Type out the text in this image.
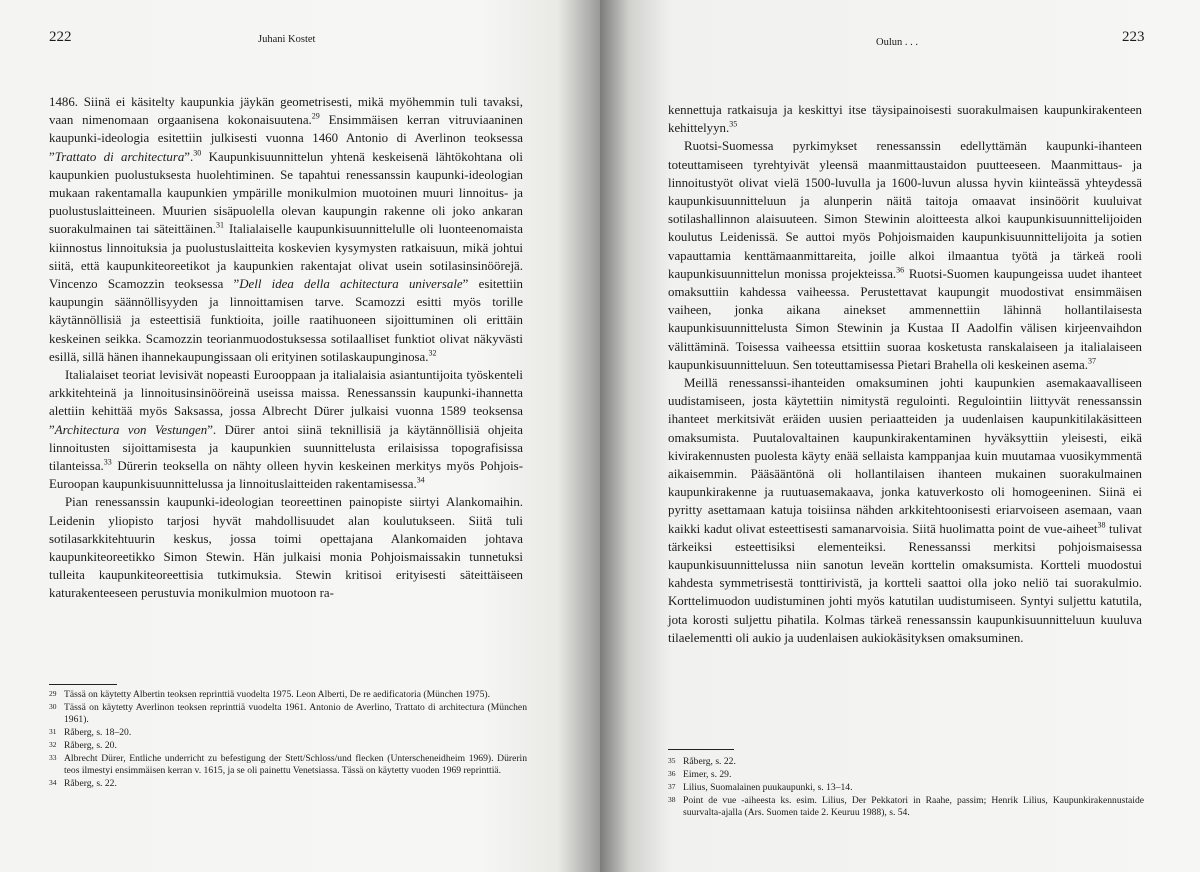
222	Juhani Kostet

1486. Siinä ei käsitelty kaupunkia jäykän geometrisesti, mikä myöhemmin tuli tavaksi, vaan nimenomaan orgaanisena kokonaisuutena.$^{29}$ Ensimmäisen kerran vitruviaaninen kaupunki-ideologia esitettiin julkisesti vuonna 1460 Antonio di Averlinon teoksessa ”Trattato di architectura”.$^{30}$ Kaupunkisuunnittelun yhtenä keskeisenä lähtökohtana oli kaupunkien puolustuksesta huolehtiminen. Se tapahtui renessanssin kaupunki-ideologian mukaan rakentamalla kaupunkien ympärille monikulmion muotoinen muuri linnoitus- ja puolustuslaitteineen. Muurien sisäpuolella olevan kaupungin rakenne oli joko ankaran suorakulmainen tai säteittäinen.$^{31}$ Italialaiselle kaupunkisuunnittelulle oli luonteenomaista kiinnostus linnoituksia ja puolustuslaitteita koskevien kysymysten ratkaisuun, mikä johtui siitä, että kaupunkiteoreetikot ja kaupunkien rakentajat olivat usein sotilasinsinöörejä. Vincenzo Scamozzin teoksessa ”Dell idea della achitectura universale” esitettiin kaupungin säännöllisyyden ja linnoittamisen tarve. Scamozzi esitti myös torille käytännöllisiä ja esteettisiä funktioita, joille raatihuoneen sijoittuminen oli erittäin keskeinen seikka. Scamozzin teorianmuodostuksessa sotilaalliset funktiot olivat näkyvästi esillä, sillä hänen ihannekaupungissaan oli erityinen sotilaskaupunginosa.$^{32}$

Italialaiset teoriat levisivät nopeasti Eurooppaan ja italialaisia asiantuntijoita työskenteli arkkitehteinä ja linnoitusinsinööreinä useissa maissa. Renessanssin kaupunki-ihannetta alettiin kehittää myös Saksassa, jossa Albrecht Dürer julkaisi vuonna 1589 teoksensa ”Architectura von Vestungen”. Dürer antoi siinä teknillisiä ja käytännöllisiä ohjeita linnoitusten sijoittamisesta ja kaupunkien suunnittelusta erilaisissa topografisissa tilanteissa.$^{33}$ Dürerin teoksella on nähty olleen hyvin keskeinen merkitys myös Pohjois-Euroopan kaupunkisuunnittelussa ja linnoituslaitteiden rakentamisessa.$^{34}$

Pian renessanssin kaupunki-ideologian teoreettinen painopiste siirtyi Alankomaihin. Leidenin yliopisto tarjosi hyvät mahdollisuudet alan koulutukseen. Siitä tuli sotilasarkkitehtuurin keskus, jossa toimi opettajana Alankomaiden johtava kaupunkiteoreetikko Simon Stewin. Hän julkaisi monia Pohjoismaissakin tunnetuksi tulleita kaupunkiteoreettisia tutkimuksia. Stewin kritisoi erityisesti säteittäiseen katurakenteeseen perustuvia monikulmion muotoon ra-

29 Tässä on käytetty Albertin teoksen reprinttiä vuodelta 1975. Leon Alberti, De re aedificatoria (München 1975).
30 Tässä on käytetty Averlinon teoksen reprinttiä vuodelta 1961. Antonio de Averlino, Trattato di architectura (München 1961).
31 Råberg, s. 18–20.
32 Råberg, s. 20.
33 Albrecht Dürer, Entliche underricht zu befestigung der Stett/Schloss/und flecken (Unterscheneidheim 1969). Dürerin teos ilmestyi ensimmäisen kerran v. 1615, ja se oli painettu Venetsiassa. Tässä on käytetty vuoden 1969 reprinttiä.
34 Råberg, s. 22.
Oulun . . .	223

kennettuja ratkaisuja ja keskittyi itse täysipainoisesti suorakulmaisen kaupunkirakenteen kehittelyyn.$^{35}$

Ruotsi-Suomessa pyrkimykset renessanssin edellyttämän kaupunki-ihanteen toteuttamiseen tyrehtyivät yleensä maanmittaustaidon puutteeseen. Maanmittaus- ja linnoitustyöt olivat vielä 1500-luvulla ja 1600-luvun alussa hyvin kiinteässä yhteydessä kaupunkisuunnitteluun ja alunperin näitä taitoja omaavat insinöörit kuuluivat sotilashallinnon alaisuuteen. Simon Stewinin aloitteesta alkoi kaupunkisuunnittelijoiden koulutus Leidenissä. Se auttoi myös Pohjoismaiden kaupunkisuunnittelijoita ja sotien vapauttamia kenttämaanmittareita, joille alkoi ilmaantua työtä ja tärkeä rooli kaupunkisuunnittelun monissa projekteissa.$^{36}$ Ruotsi-Suomen kaupungeissa uudet ihanteet omaksuttiin kahdessa vaiheessa. Perustettavat kaupungit muodostivat ensimmäisen vaiheen, jonka aikana ainekset ammennettiin lähinnä hollantilaisesta kaupunkisuunnittelusta Simon Stewinin ja Kustaa II Aadolfin välisen kirjeenvaihdon välittäminä. Toisessa vaiheessa etsittiin suoraa kosketusta ranskalaiseen ja italialaiseen kaupunkisuunnitteluun. Sen toteuttamisessa Pietari Brahella oli keskeinen asema.$^{37}$

Meillä renessanssi-ihanteiden omaksuminen johti kaupunkien asemakaavalliseen uudistamiseen, josta käytettiin nimitystä regulointi. Regulointiin liittyvät renessanssin ihanteet merkitsivät eräiden uusien periaatteiden ja uudenlaisen kaupunkitilakäsitteen omaksumista. Puutalovaltainen kaupunkirakentaminen hyväksyttiin yleisesti, eikä kivirakennusten puolesta käyty enää sellaista kamppanjaa kuin muutamaa vuosikymmentä aikaisemmin. Pääsääntönä oli hollantilaisen ihanteen mukainen suorakulmainen kaupunkirakenne ja ruutuasemakaava, jonka katuverkosto oli homogeeninen. Siinä ei pyritty asettamaan katuja toisiinsa nähden arkkitehtoonisesti eriarvoiseen asemaan, vaan kaikki kadut olivat esteettisesti samanarvoisia. Siitä huolimatta point de vue-aiheet$^{38}$ tulivat tärkeiksi esteettisiksi elementeiksi. Renessanssi merkitsi pohjoismaisessa kaupunkisuunnittelussa niin sanotun leveän korttelin omaksumista. Kortteli muodostui kahdesta symmetrisestä tonttirivistä, ja kortteli saattoi olla joko neliö tai suorakulmio. Korttelimuodon uudistuminen johti myös katutilan uudistumiseen. Syntyi suljettu katutila, jota korosti suljettu pihatila. Kolmas tärkeä renessanssin kaupunkisuunnitteluun kuuluva tilaelementti oli aukio ja uudenlaisen aukiokäsityksen omaksuminen.

35 Råberg, s. 22.
36 Eimer, s. 29.
37 Lilius, Suomalainen puukaupunki, s. 13–14.
38 Point de vue -aiheesta ks. esim. Lilius, Der Pekkatori in Raahe, passim; Henrik Lilius, Kaupunkirakennustaide suurvalta-ajalla (Ars. Suomen taide 2. Keuruu 1988), s. 54.
